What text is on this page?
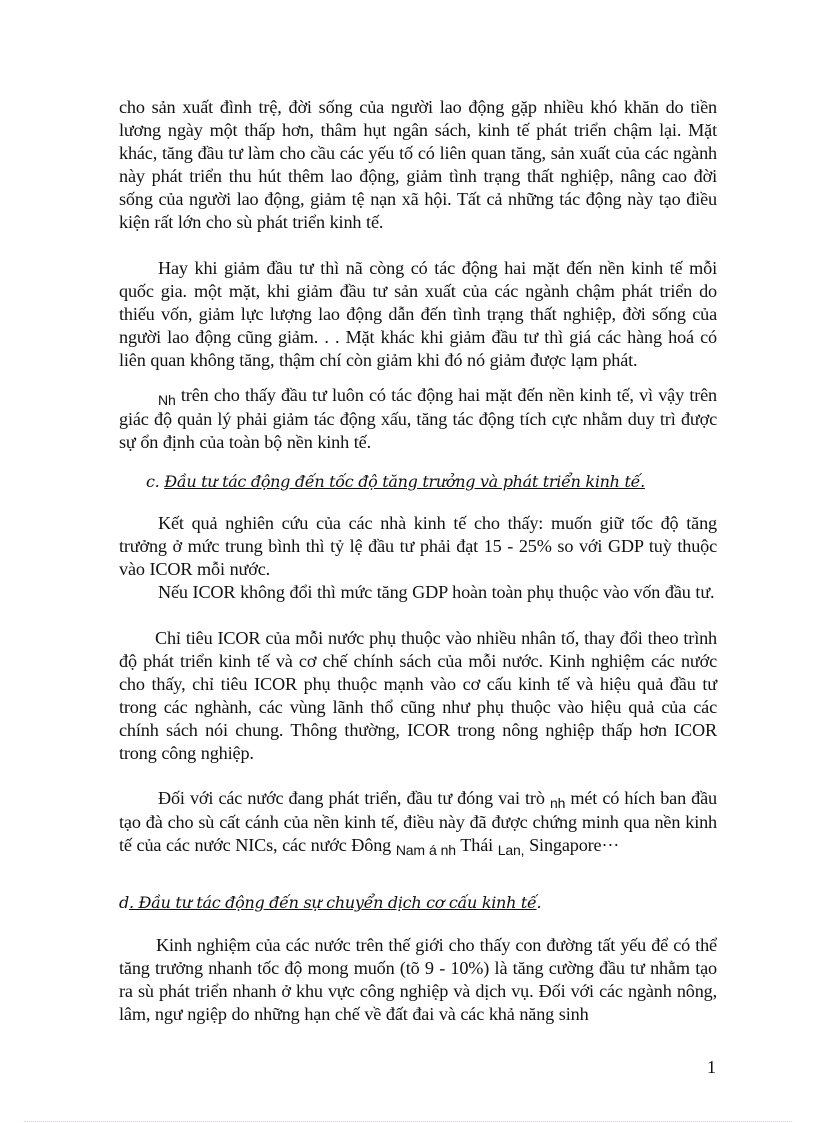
cho sản xuất đình trệ, đời sống của người lao động gặp nhiều khó khăn do tiền lương ngày một thấp hơn, thâm hụt ngân sách, kinh tế phát triển chậm lại. Mặt khác, tăng đầu tư làm cho cầu các yếu tố có liên quan tăng, sản xuất của các ngành này phát triển thu hút thêm lao động, giảm tình trạng thất nghiệp, nâng cao đời sống của người lao động, giảm tệ nạn xã hội. Tất cả những tác động này tạo điều kiện rất lớn cho sù phát triển kinh tế.

Hay khi giảm đầu tư thì nã còng có tác động hai mặt đến nền kinh tế mỗi quốc gia. một mặt, khi giảm đầu tư sản xuất của các ngành chậm phát triển do thiếu vốn, giảm lực lượng lao động dẫn đến tình trạng thất nghiệp, đời sống của người lao động cũng giảm. . . Mặt khác khi giảm đầu tư thì giá các hàng hoá có liên quan không tăng, thậm chí còn giảm khi đó nó giảm được lạm phát.

$_{Nh}$ trên cho thấy đầu tư luôn có tác động hai mặt đến nền kinh tế, vì vậy trên giác độ quản lý phải giảm tác động xấu, tăng tác động tích cực nhằm duy trì được sự ổn định của toàn bộ nền kinh tế.

c. Đầu tư tác động đến tốc độ tăng trưởng và phát triển kinh tế.

Kết quả nghiên cứu của các nhà kinh tế cho thấy: muốn giữ tốc độ tăng trưởng ở mức trung bình thì tỷ lệ đầu tư phải đạt 15 - 25% so với GDP tuỳ thuộc vào ICOR mỗi nước.

Nếu ICOR không đổi thì mức tăng GDP hoàn toàn phụ thuộc vào vốn đầu tư.

Chỉ tiêu ICOR của mỗi nước phụ thuộc vào nhiều nhân tố, thay đổi theo trình độ phát triển kinh tế và cơ chế chính sách của mỗi nước. Kinh nghiệm các nước cho thấy, chỉ tiêu ICOR phụ thuộc mạnh vào cơ cấu kinh tế và hiệu quả đầu tư trong các nghành, các vùng lãnh thổ cũng như phụ thuộc vào hiệu quả của các chính sách nói chung. Thông thường, ICOR trong nông nghiệp thấp hơn ICOR trong công nghiệp.

Đối với các nước đang phát triển, đầu tư đóng vai trò $_{nh}$ mét có hích ban đầu tạo đà cho sù cất cánh của nền kinh tế, điều này đã được chứng minh qua nền kinh tế của các nước NICs, các nước Đông $_{Nam}$ $_á$ $_{nh}$ Thái $_{Lan,}$ Singapore···

d. Đầu tư tác động đến sự chuyển dịch cơ cấu kinh tế.

Kinh nghiệm của các nước trên thế giới cho thấy con đường tất yếu để có thể tăng trưởng nhanh tốc độ mong muốn (tõ 9 - 10%) là tăng cường đầu tư nhằm tạo ra sù phát triển nhanh ở khu vực công nghiệp và dịch vụ. Đối với các ngành nông, lâm, ngư ngiệp do những hạn chế về đất đai và các khả năng sinh

1
